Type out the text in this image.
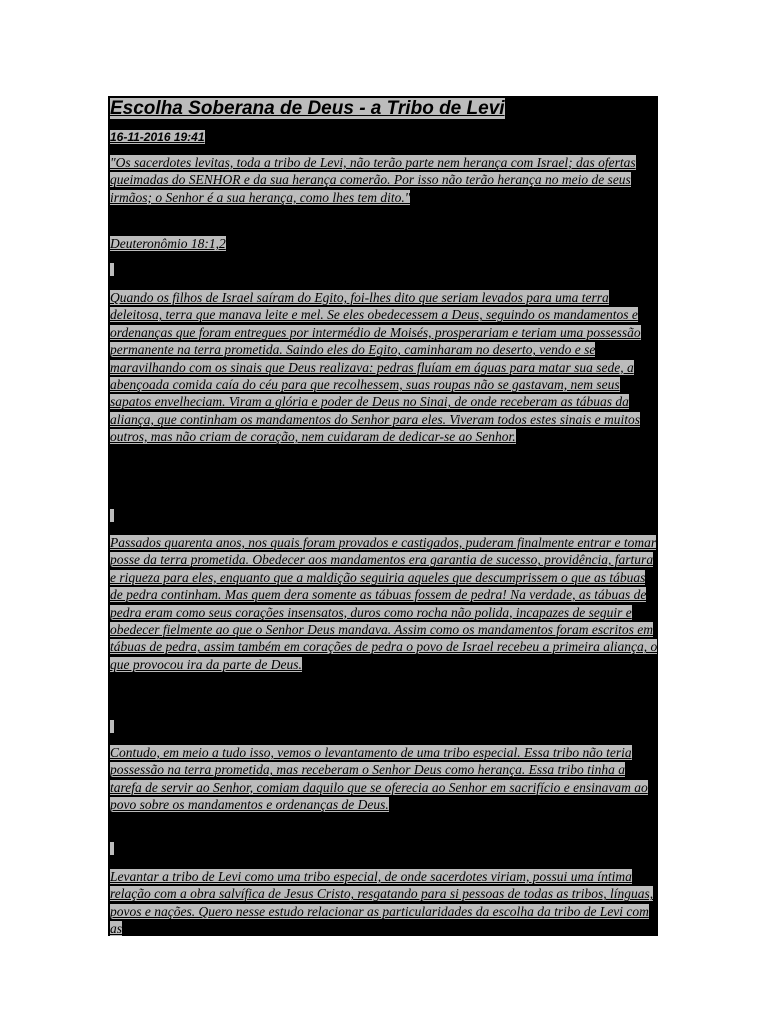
Escolha Soberana de Deus - a Tribo de Levi
16-11-2016 19:41

"Os sacerdotes levitas, toda a tribo de Levi, não terão parte nem herança com Israel; das ofertas queimadas do SENHOR e da sua herança comerão. Por isso não terão herança no meio de seus irmãos; o Senhor é a sua herança, como lhes tem dito."

Deuteronômio 18:1,2

Quando os filhos de Israel saíram do Egito, foi-lhes dito que seriam levados para uma terra deleitosa, terra que manava leite e mel. Se eles obedecessem a Deus, seguindo os mandamentos e ordenanças que foram entregues por intermédio de Moisés, prosperariam e teriam uma possessão permanente na terra prometida. Saindo eles do Egito, caminharam no deserto, vendo e se maravilhando com os sinais que Deus realizava: pedras fluíam em águas para matar sua sede, a abençoada comida caía do céu para que recolhessem, suas roupas não se gastavam, nem seus sapatos envelheciam. Viram a glória e poder de Deus no Sinai, de onde receberam as tábuas da aliança, que continham os mandamentos do Senhor para eles. Viveram todos estes sinais e muitos outros, mas não criam de coração, nem cuidaram de dedicar-se ao Senhor.

Passados quarenta anos, nos quais foram provados e castigados, puderam finalmente entrar e tomar posse da terra prometida. Obedecer aos mandamentos era garantia de sucesso, providência, fartura e riqueza para eles, enquanto que a maldição seguiria aqueles que descumprissem o que as tábuas de pedra continham. Mas quem dera somente as tábuas fossem de pedra! Na verdade, as tábuas de pedra eram como seus corações insensatos, duros como rocha não polida, incapazes de seguir e obedecer fielmente ao que o Senhor Deus mandava. Assim como os mandamentos foram escritos em tábuas de pedra, assim também em corações de pedra o povo de Israel recebeu a primeira aliança, o que provocou ira da parte de Deus.

Contudo, em meio a tudo isso, vemos o levantamento de uma tribo especial. Essa tribo não teria possessão na terra prometida, mas receberam o Senhor Deus como herança. Essa tribo tinha a tarefa de servir ao Senhor, comiam daquilo que se oferecia ao Senhor em sacrifício e ensinavam ao povo sobre os mandamentos e ordenanças de Deus.

Levantar a tribo de Levi como uma tribo especial, de onde sacerdotes viriam, possui uma íntima relação com a obra salvífica de Jesus Cristo, resgatando para si pessoas de todas as tribos, línguas, povos e nações. Quero nesse estudo relacionar as particularidades da escolha da tribo de Levi com as
